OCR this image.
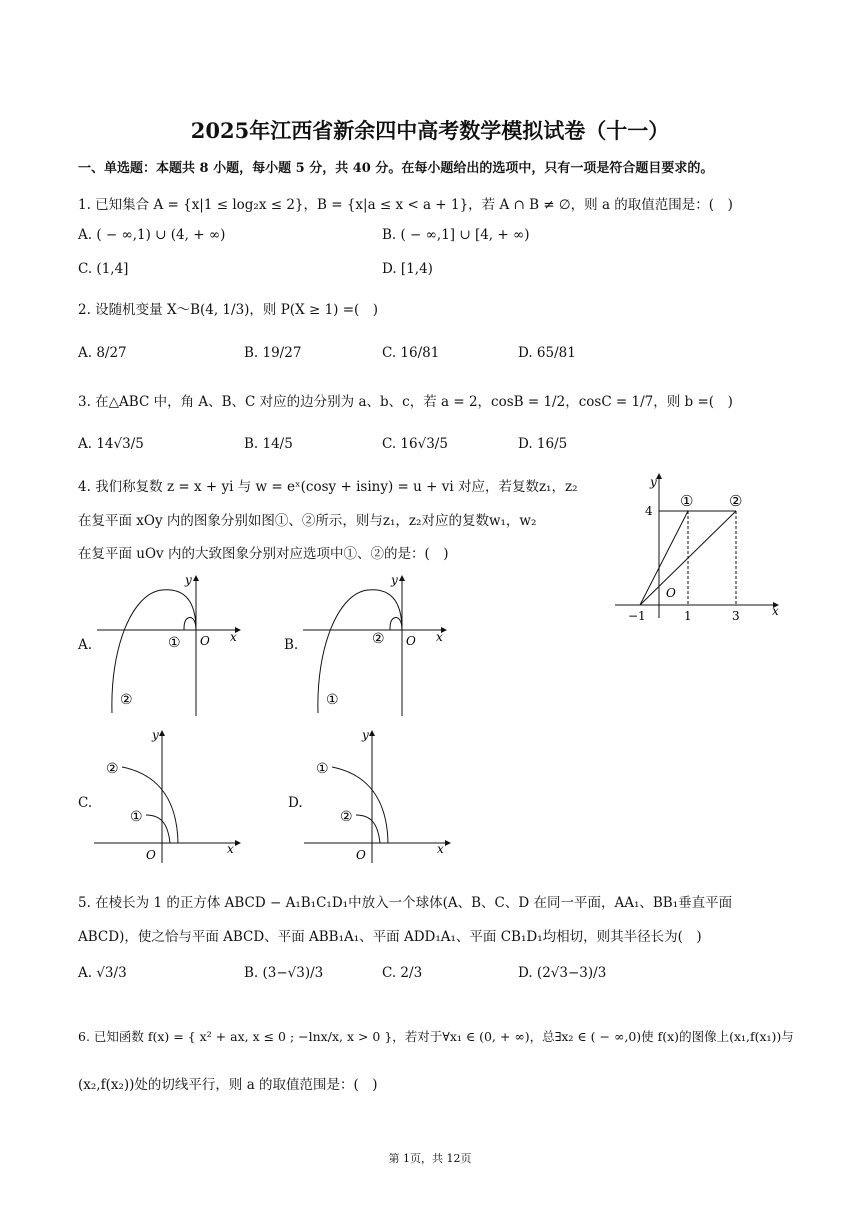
2025年江西省新余四中高考数学模拟试卷（十一）
一、单选题：本题共 8 小题，每小题 5 分，共 40 分。在每小题给出的选项中，只有一项是符合题目要求的。
1. 已知集合 A = {x|1 ≤ log₂x ≤ 2}，B = {x|a ≤ x < a + 1}，若 A ∩ B ≠ ∅，则 a 的取值范围是：(　)
A. ( − ∞,1) ∪ (4, + ∞)	B. ( − ∞,1] ∪ [4, + ∞)
C. (1,4]	D. [1,4)
2. 设随机变量 X～B(4, 1/3)，则 P(X ≥ 1) =(　)
A. 8/27	B. 19/27	C. 16/81	D. 65/81
3. 在△ABC 中，角 A、B、C 对应的边分别为 a、b、c，若 a = 2，cosB = 1/2，cosC = 1/7，则 b =(　)
A. 14√3/5	B. 14/5	C. 16√3/5	D. 16/5
4. 我们称复数 z = x + yi 与 w = eˣ(cosy + isiny) = u + vi 对应，若复数z₁，z₂
在复平面 xOy 内的图象分别如图①、②所示，则与z₁，z₂对应的复数w₁，w₂
在复平面 uOv 内的大致图象分别对应选项中①、②的是：(　)
y
x
O
4
1	3
−1
① ②
A.
y
x
O
①
②
B.
y
x
O
②
①
C.
y
x
O
②
①
D.
y
x
O
①
②
5. 在棱长为 1 的正方体 ABCD − A₁B₁C₁D₁中放入一个球体(A、B、C、D 在同一平面，AA₁、BB₁垂直平面
ABCD)，使之恰与平面 ABCD、平面 ABB₁A₁、平面 ADD₁A₁、平面 CB₁D₁均相切，则其半径长为(　)
A. √3/3	B. (3−√3)/3	C. 2/3	D. (2√3−3)/3
6. 已知函数 f(x) = { x² + ax, x ≤ 0 ; −lnx/x, x > 0 }，若对于∀x₁ ∈ (0, + ∞)，总∃x₂ ∈ ( − ∞,0)使 f(x)的图像上(x₁,f(x₁))与
(x₂,f(x₂))处的切线平行，则 a 的取值范围是：(　)
第 1页，共 12页
